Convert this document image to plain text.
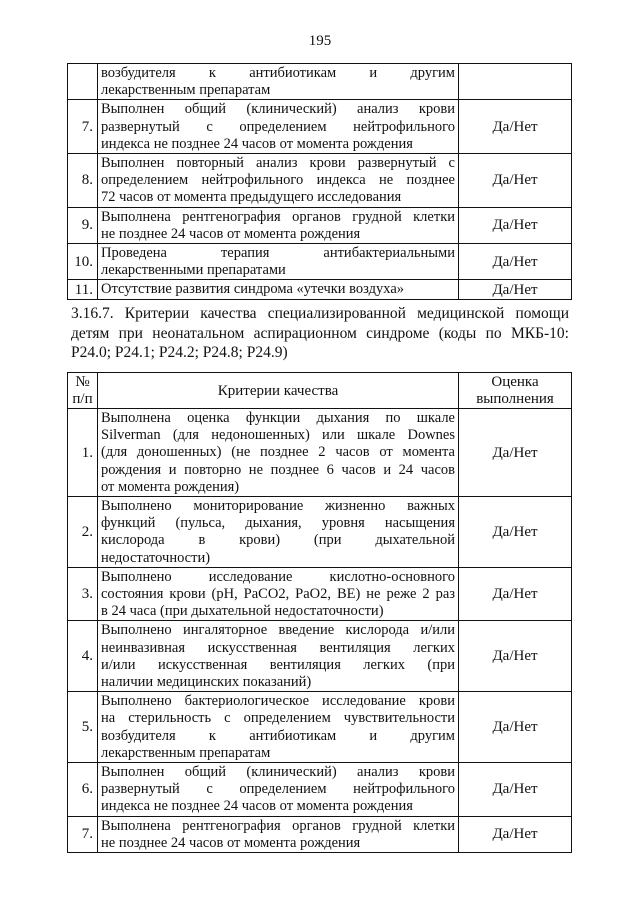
195

	возбудителя к антибиотикам и другим
лекарственным препаратам	

7.	Выполнен общий (клинический) анализ крови
развернутый с определением нейтрофильного
индекса не позднее 24 часов от момента рождения	Да/Нет
8.	Выполнен повторный анализ крови развернутый с
определением нейтрофильного индекса не позднее
72 часов от момента предыдущего исследования	Да/Нет
9.	Выполнена рентгенография органов грудной клетки
не позднее 24 часов от момента рождения	Да/Нет
10.	Проведена терапия антибактериальными
лекарственными препаратами	Да/Нет
11.	Отсутствие развития синдрома «утечки воздуха»	Да/Нет
3.16.7. Критерии качества специализированной медицинской помощи детям при неонатальном аспирационном синдроме (коды по МКБ-10: P24.0; P24.1; P24.2; P24.8; P24.9)
№ п/п	Критерии качества	Оценка выполнения
1.	Выполнена оценка функции дыхания по шкале
Silverman (для недоношенных) или шкале Downes
(для доношенных) (не позднее 2 часов от момента
рождения и повторно не позднее 6 часов и 24 часов
от момента рождения)	Да/Нет
2.	Выполнено мониторирование жизненно важных
функций (пульса, дыхания, уровня насыщения
кислорода в крови) (при дыхательной
недостаточности)	Да/Нет
3.	Выполнено исследование кислотно-основного
состояния крови (pH, PaCO2, PaO2, BE) не реже 2 раз
в 24 часа (при дыхательной недостаточности)	Да/Нет
4.	Выполнено ингаляторное введение кислорода и/или
неинвазивная искусственная вентиляция легких
и/или искусственная вентиляция легких (при
наличии медицинских показаний)	Да/Нет
5.	Выполнено бактериологическое исследование крови
на стерильность с определением чувствительности
возбудителя к антибиотикам и другим
лекарственным препаратам	Да/Нет
6.	Выполнен общий (клинический) анализ крови
развернутый с определением нейтрофильного
индекса не позднее 24 часов от момента рождения	Да/Нет
7.	Выполнена рентгенография органов грудной клетки
не позднее 24 часов от момента рождения	Да/Нет
